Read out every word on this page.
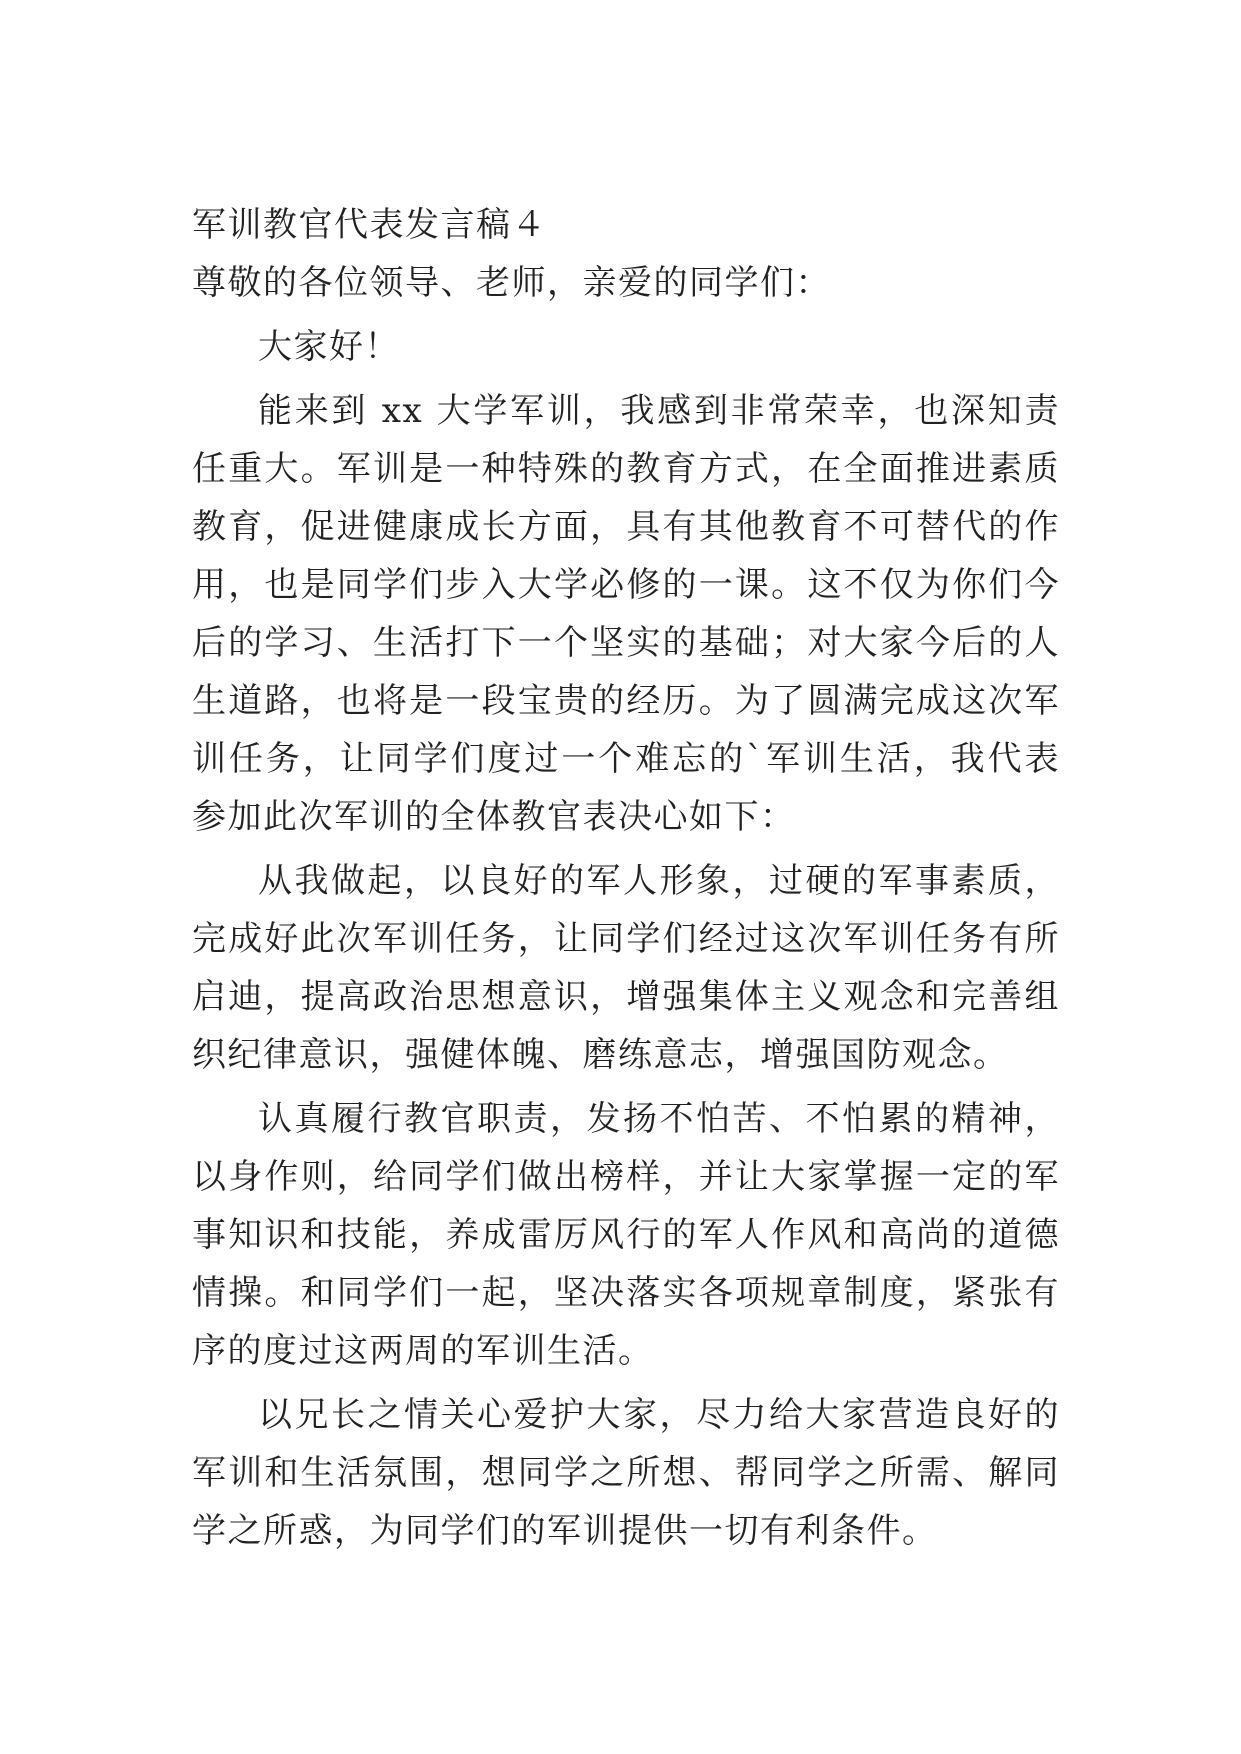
军训教官代表发言稿４

尊敬的各位领导、老师，亲爱的同学们：

大家好！

能来到 xx 大学军训，我感到非常荣幸，也深知责任重大。军训是一种特殊的教育方式，在全面推进素质教育，促进健康成长方面，具有其他教育不可替代的作用，也是同学们步入大学必修的一课。这不仅为你们今后的学习、生活打下一个坚实的基础；对大家今后的人生道路，也将是一段宝贵的经历。为了圆满完成这次军训任务，让同学们度过一个难忘的`军训生活，我代表参加此次军训的全体教官表决心如下：

从我做起，以良好的军人形象，过硬的军事素质，完成好此次军训任务，让同学们经过这次军训任务有所启迪，提高政治思想意识，增强集体主义观念和完善组织纪律意识，强健体魄、磨练意志，增强国防观念。

认真履行教官职责，发扬不怕苦、不怕累的精神，以身作则，给同学们做出榜样，并让大家掌握一定的军事知识和技能，养成雷厉风行的军人作风和高尚的道德情操。和同学们一起，坚决落实各项规章制度，紧张有序的度过这两周的军训生活。

以兄长之情关心爱护大家，尽力给大家营造良好的军训和生活氛围，想同学之所想、帮同学之所需、解同学之所惑，为同学们的军训提供一切有利条件。
